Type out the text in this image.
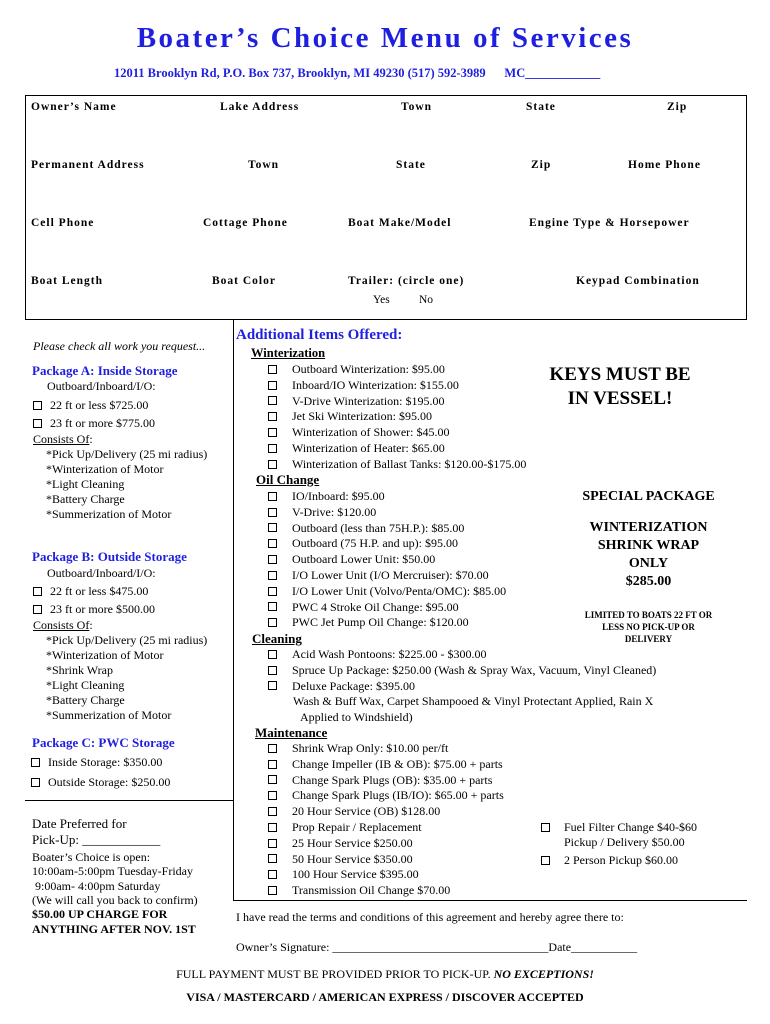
Boater’s Choice Menu of Services
12011 Brooklyn Rd, P.O. Box 737, Brooklyn, MI 49230 (517) 592-3989      MC____________
Owner’s Name	Lake Address	Town	State	Zip
Permanent Address	Town	State	Zip	Home Phone
Cell Phone	Cottage Phone	Boat Make/Model	Engine Type & Horsepower
Boat Length	Boat Color	Trailer: (circle one)	Keypad Combination
Yes	No
Please check all work you request...
Package A: Inside Storage
Outboard/Inboard/I/O:
22 ft or less $725.00
23 ft or more $775.00
Consists Of:
*Pick Up/Delivery (25 mi radius)
*Winterization of Motor
*Light Cleaning
*Battery Charge
*Summerization of Motor
Package B: Outside Storage
Outboard/Inboard/I/O:
22 ft or less $475.00
23 ft or more $500.00
Consists Of:
*Pick Up/Delivery (25 mi radius)
*Winterization of Motor
*Shrink Wrap
*Light Cleaning
*Battery Charge
*Summerization of Motor
Package C: PWC Storage
Inside Storage: $350.00
Outside Storage: $250.00
Date Preferred for
Pick-Up: ____________
Boater’s Choice is open:
10:00am-5:00pm Tuesday-Friday
9:00am- 4:00pm Saturday
(We will call you back to confirm)
$50.00 UP CHARGE FOR
ANYTHING AFTER NOV. 1ST
Additional Items Offered:
Winterization
Outboard Winterization: $95.00
Inboard/IO Winterization: $155.00
V-Drive Winterization: $195.00
Jet Ski Winterization: $95.00
Winterization of Shower: $45.00
Winterization of Heater: $65.00
Winterization of Ballast Tanks: $120.00-$175.00
KEYS MUST BE
IN VESSEL!
Oil Change
IO/Inboard: $95.00
V-Drive: $120.00
Outboard (less than 75H.P.): $85.00
Outboard (75 H.P. and up): $95.00
Outboard Lower Unit: $50.00
I/O Lower Unit (I/O Mercruiser): $70.00
I/O Lower Unit (Volvo/Penta/OMC): $85.00
PWC 4 Stroke Oil Change: $95.00
PWC Jet Pump Oil Change: $120.00
SPECIAL PACKAGE
WINTERIZATION
SHRINK WRAP
ONLY
$285.00
LIMITED TO BOATS 22 FT OR
LESS NO PICK-UP OR
DELIVERY
Cleaning
Acid Wash Pontoons: $225.00 - $300.00
Spruce Up Package: $250.00 (Wash & Spray Wax, Vacuum, Vinyl Cleaned)
Deluxe Package: $395.00
Wash & Buff Wax, Carpet Shampooed & Vinyl Protectant Applied, Rain X
Applied to Windshield)
Maintenance
Shrink Wrap Only: $10.00 per/ft
Change Impeller (IB & OB): $75.00 + parts
Change Spark Plugs (OB): $35.00 + parts
Change Spark Plugs (IB/IO): $65.00 + parts
20 Hour Service (OB) $128.00
Prop Repair / Replacement
25 Hour Service $250.00
50 Hour Service $350.00
100 Hour Service $395.00
Transmission Oil Change $70.00
Fuel Filter Change $40-$60
Pickup / Delivery $50.00
2 Person Pickup $60.00
I have read the terms and conditions of this agreement and hereby agree there to:
Owner’s Signature: ____________________________________Date___________
FULL PAYMENT MUST BE PROVIDED PRIOR TO PICK-UP. NO EXCEPTIONS!
VISA / MASTERCARD / AMERICAN EXPRESS / DISCOVER ACCEPTED
